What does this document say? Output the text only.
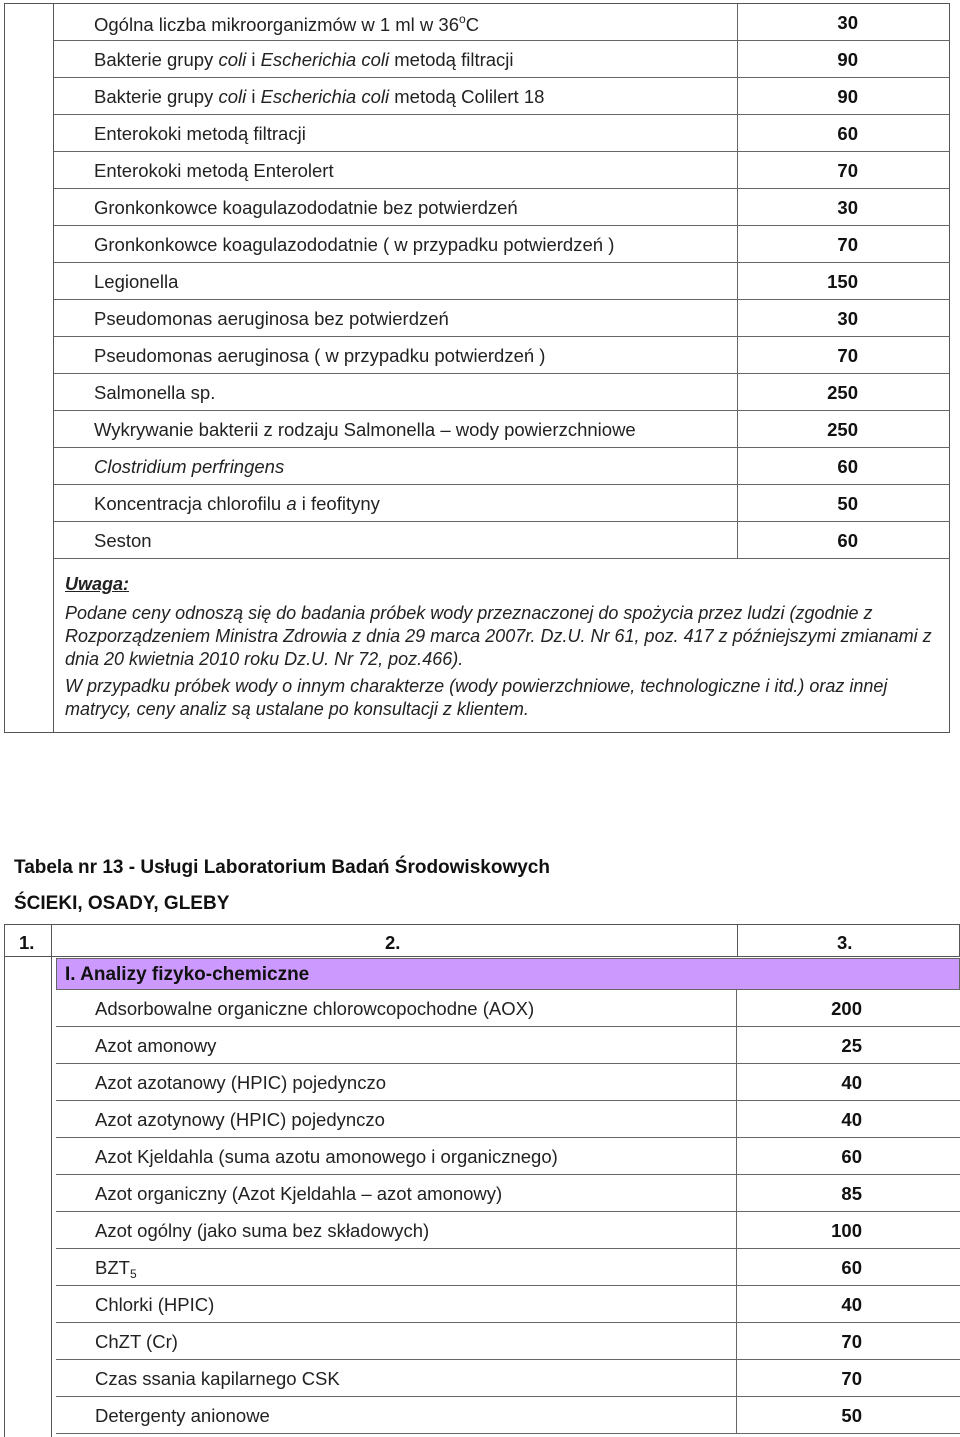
Ogólna liczba mikroorganizmów w 1 ml w 36$^o$C	30
Bakterie grupy coli i Escherichia coli metodą filtracji	90
Bakterie grupy coli i Escherichia coli metodą Colilert 18	90
Enterokoki metodą filtracji	60
Enterokoki metodą Enterolert	70
Gronkonkowce koagulazododatnie bez potwierdzeń	30
Gronkonkowce koagulazododatnie ( w przypadku potwierdzeń )	70
Legionella	150
Pseudomonas aeruginosa bez potwierdzeń	30
Pseudomonas aeruginosa ( w przypadku potwierdzeń )	70
Salmonella sp.	250
Wykrywanie bakterii z rodzaju Salmonella – wody powierzchniowe	250
Clostridium perfringens	60
Koncentracja chlorofilu a i feofityny	50
Seston	60
Uwaga:

Podane ceny odnoszą się do badania próbek wody przeznaczonej do spożycia przez ludzi (zgodnie z Rozporządzeniem Ministra Zdrowia z dnia 29 marca 2007r. Dz.U. Nr 61, poz. 417 z późniejszymi zmianami z dnia 20 kwietnia 2010 roku Dz.U. Nr 72, poz.466).

W przypadku próbek wody o innym charakterze (wody powierzchniowe, technologiczne i itd.) oraz innej matrycy, ceny analiz są ustalane po konsultacji z klientem.

Tabela nr 13 - Usługi Laboratorium Badań Środowiskowych
ŚCIEKI, OSADY, GLEBY
1.	2.	3.
I. Analizy fizyko-chemiczne
Adsorbowalne organiczne chlorowcopochodne (AOX)	200
Azot amonowy	25
Azot azotanowy (HPIC) pojedynczo	40
Azot azotynowy (HPIC) pojedynczo	40
Azot Kjeldahla (suma azotu amonowego i organicznego)	60
Azot organiczny (Azot Kjeldahla – azot amonowy)	85
Azot ogólny (jako suma bez składowych)	100
$BZT_5$	60
Chlorki (HPIC)	40
ChZT (Cr)	70
Czas ssania kapilarnego CSK	70
Detergenty anionowe	50
